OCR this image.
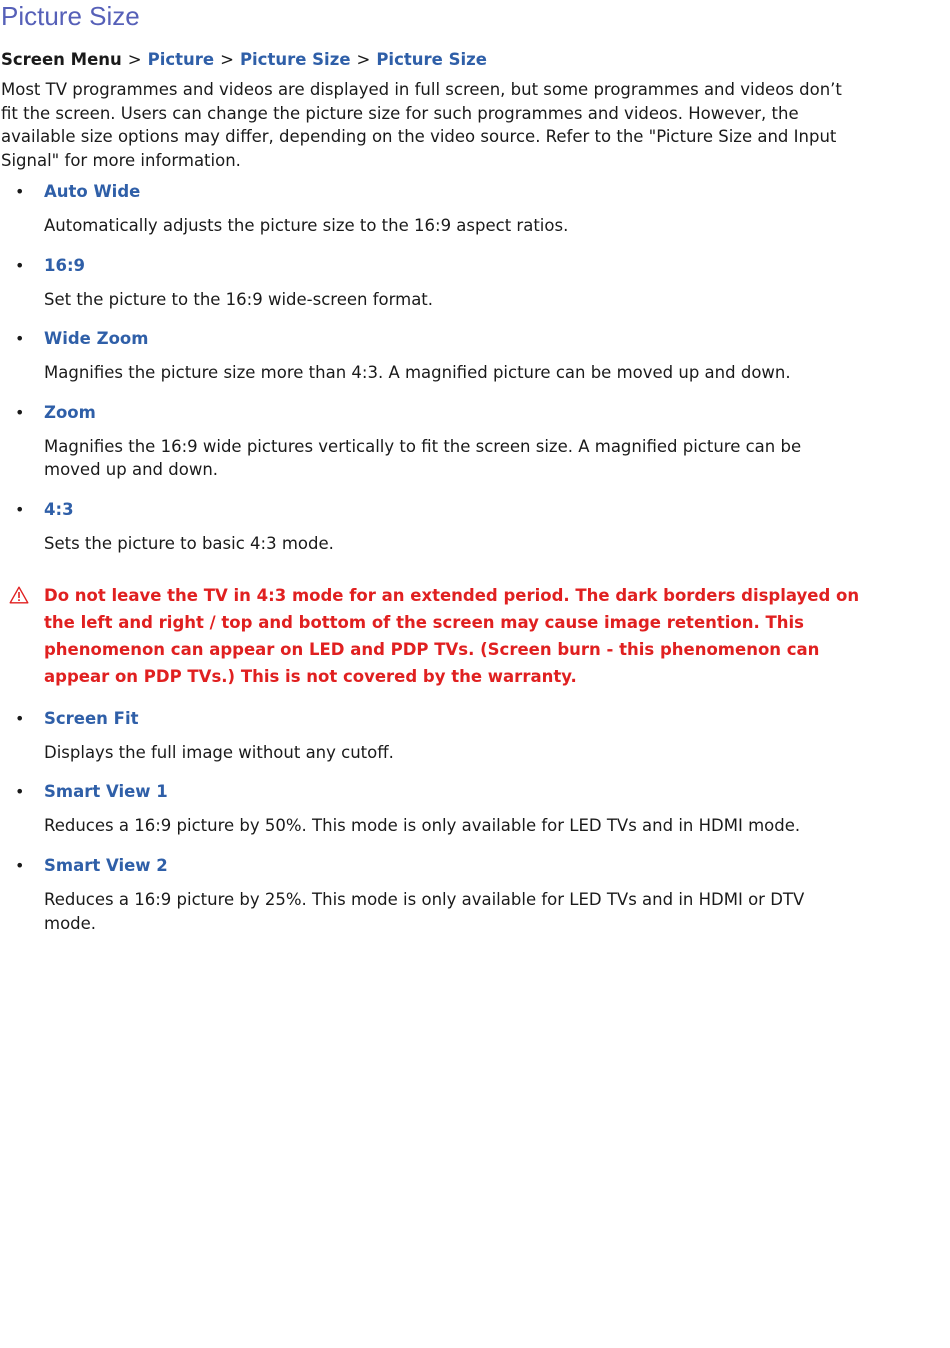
Picture Size
Screen Menu > Picture > Picture Size > Picture Size

Most TV programmes and videos are displayed in full screen, but some programmes and videos don’t fit the screen. Users can change the picture size for such programmes and videos. However, the available size options may differ, depending on the video source. Refer to the "Picture Size and Input Signal" for more information.

• Auto Wide
Automatically adjusts the picture size to the 16:9 aspect ratios.
• 16:9
Set the picture to the 16:9 wide-screen format.
• Wide Zoom
Magnifies the picture size more than 4:3. A magnified picture can be moved up and down.
• Zoom
Magnifies the 16:9 wide pictures vertically to fit the screen size. A magnified picture can be moved up and down.
• 4:3
Sets the picture to basic 4:3 mode.
Do not leave the TV in 4:3 mode for an extended period. The dark borders displayed on the left and right / top and bottom of the screen may cause image retention. This phenomenon can appear on LED and PDP TVs. (Screen burn - this phenomenon can appear on PDP TVs.) This is not covered by the warranty.
• Screen Fit
Displays the full image without any cutoff.
• Smart View 1
Reduces a 16:9 picture by 50%. This mode is only available for LED TVs and in HDMI mode.
• Smart View 2
Reduces a 16:9 picture by 25%. This mode is only available for LED TVs and in HDMI or DTV mode.
